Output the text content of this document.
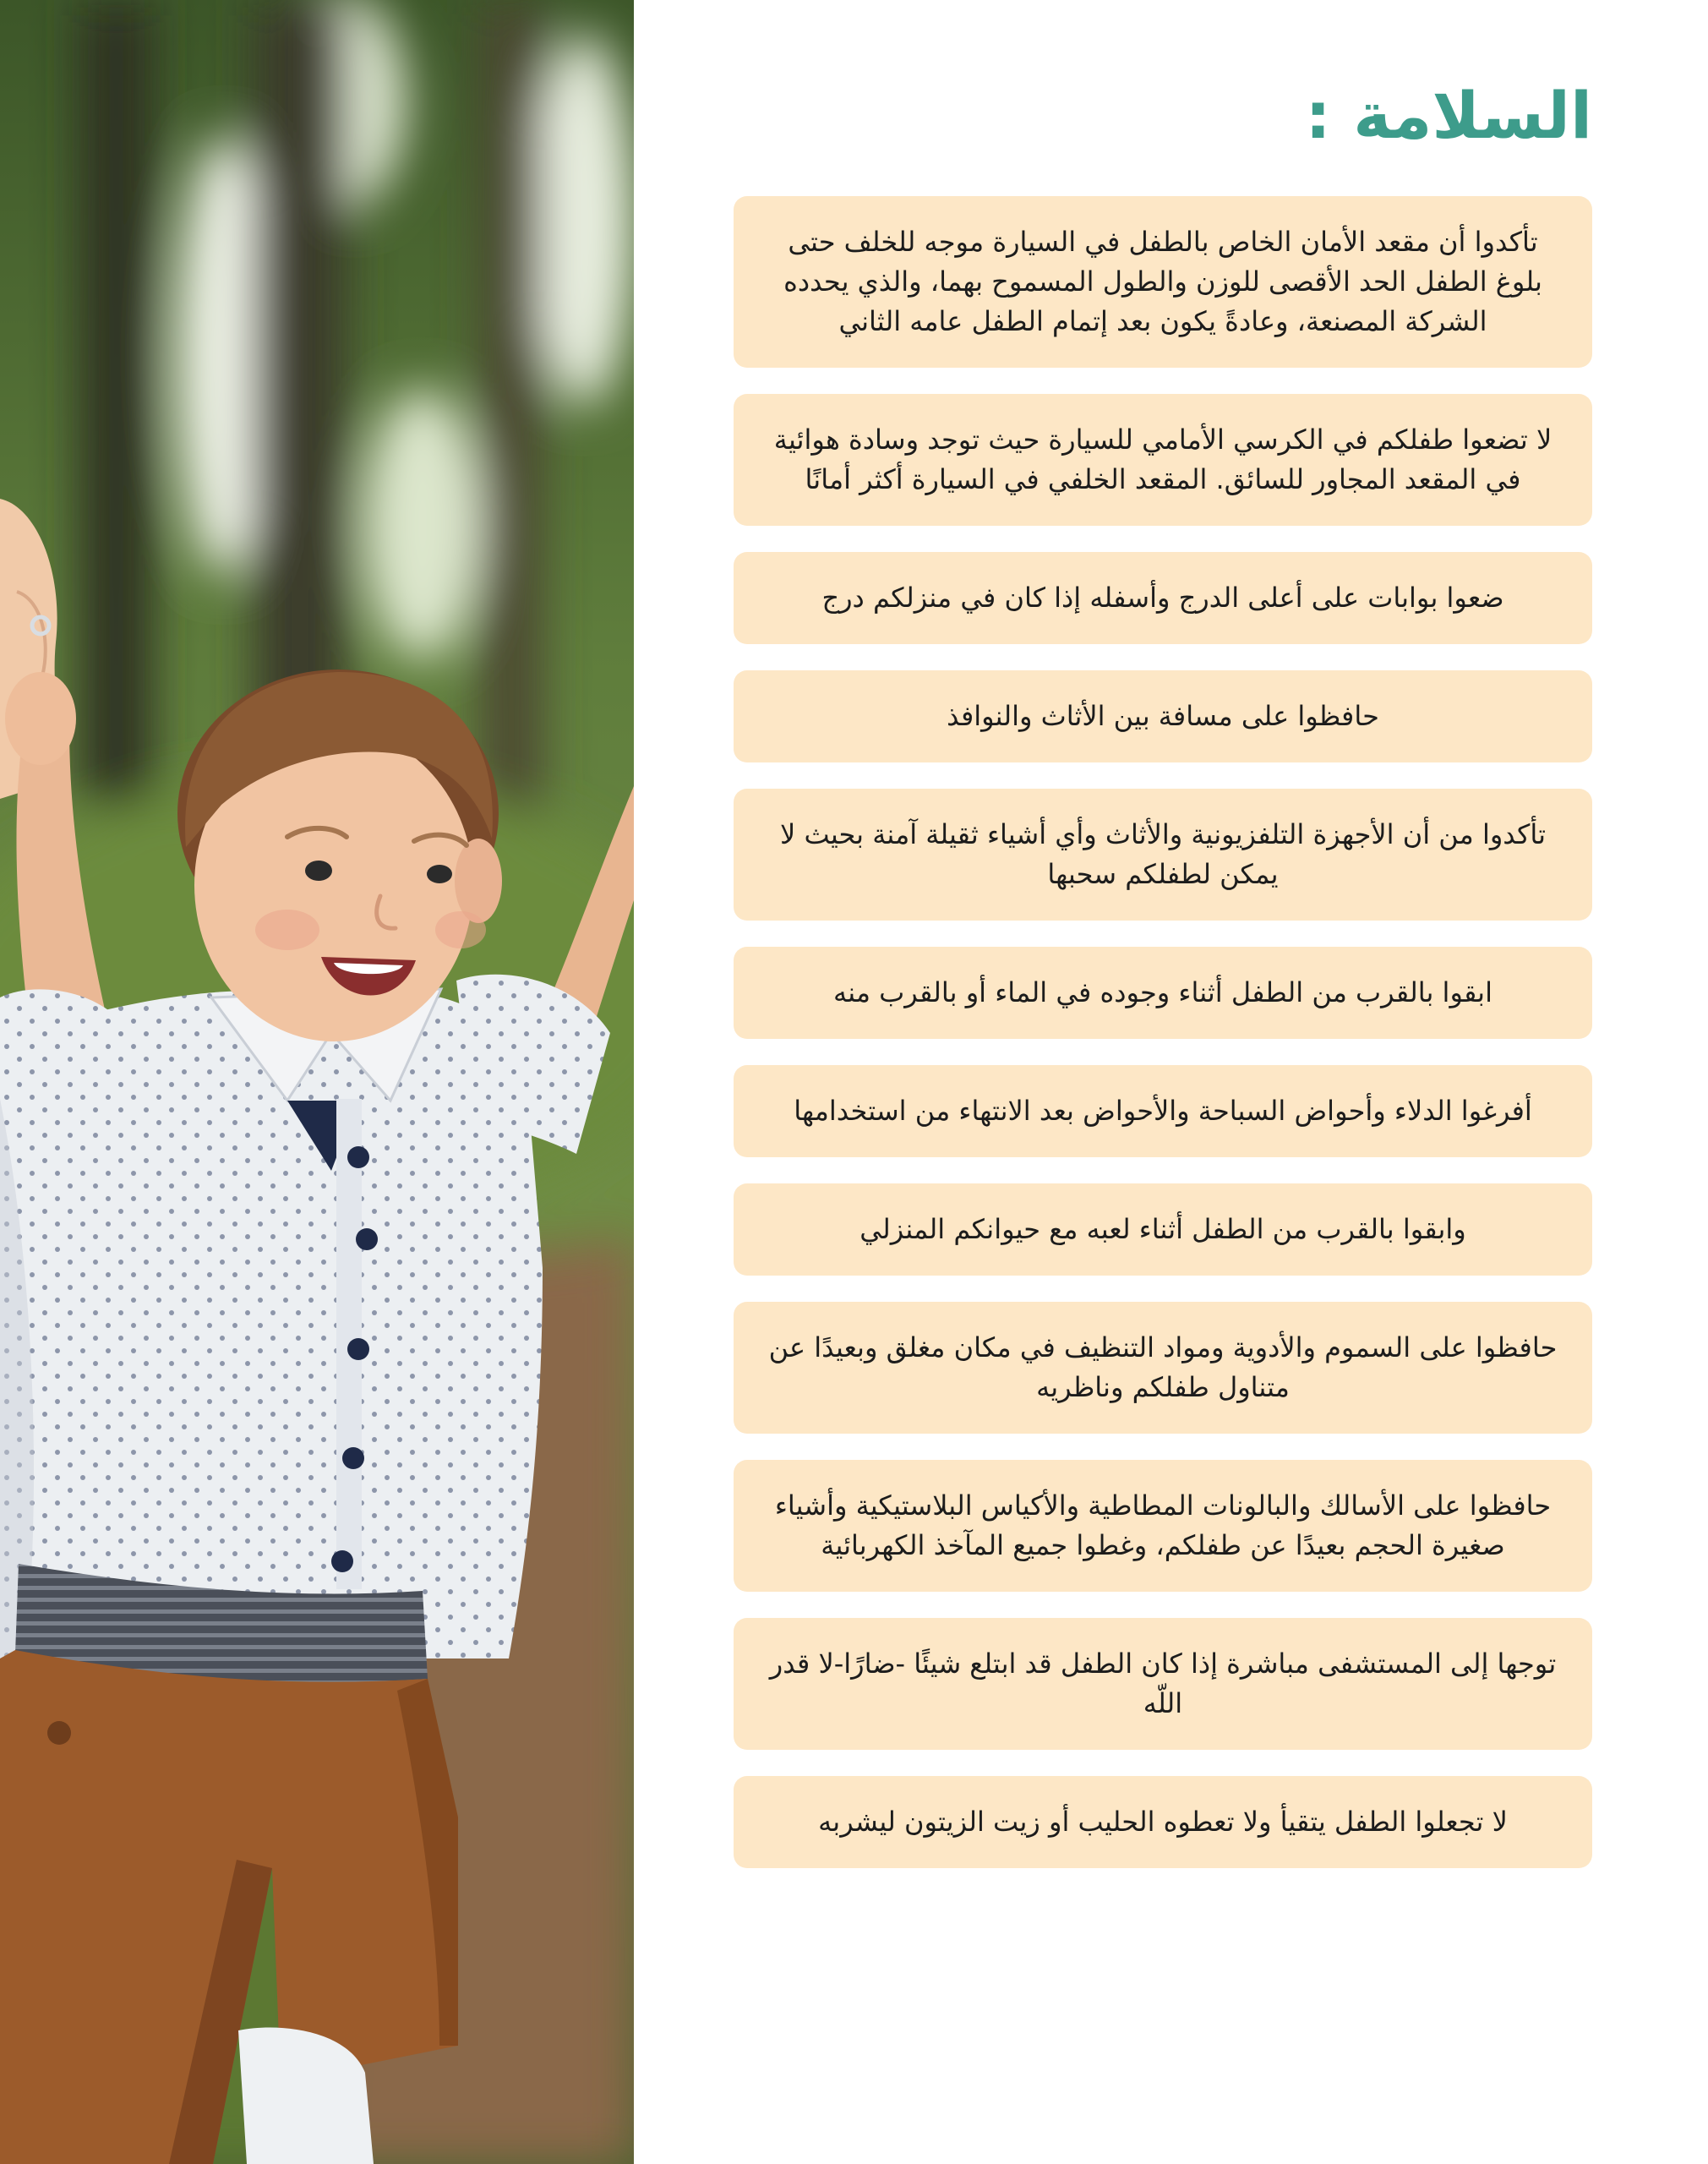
السلامة :

تأكدوا أن مقعد الأمان الخاص بالطفل في السيارة موجه للخلف حتى بلوغ الطفل الحد الأقصى للوزن والطول المسموح بهما، والذي يحدده الشركة المصنعة، وعادةً يكون بعد إتمام الطفل عامه الثاني

لا تضعوا طفلكم في الكرسي الأمامي للسيارة حيث توجد وسادة هوائية في المقعد المجاور للسائق. المقعد الخلفي في السيارة أكثر أمانًا

ضعوا بوابات على أعلى الدرج وأسفله إذا كان في منزلكم درج

حافظوا على مسافة بين الأثاث والنوافذ

تأكدوا من أن الأجهزة التلفزيونية والأثاث وأي أشياء ثقيلة آمنة بحيث لا يمكن لطفلكم سحبها

ابقوا بالقرب من الطفل أثناء وجوده في الماء أو بالقرب منه

أفرغوا الدلاء وأحواض السباحة والأحواض بعد الانتهاء من استخدامها

وابقوا بالقرب من الطفل أثناء لعبه مع حيوانكم المنزلي

حافظوا على السموم والأدوية ومواد التنظيف في مكان مغلق وبعيدًا عن متناول طفلكم وناظريه

حافظوا على الأسالك والبالونات المطاطية والأكياس البلاستيكية وأشياء صغيرة الحجم بعيدًا عن طفلكم، وغطوا جميع المآخذ الكهربائية

توجها إلى المستشفى مباشرة إذا كان الطفل قد ابتلع شيئًا -ضارًا-لا قدر اللّه

لا تجعلوا الطفل يتقيأ ولا تعطوه الحليب أو زيت الزيتون ليشربه
